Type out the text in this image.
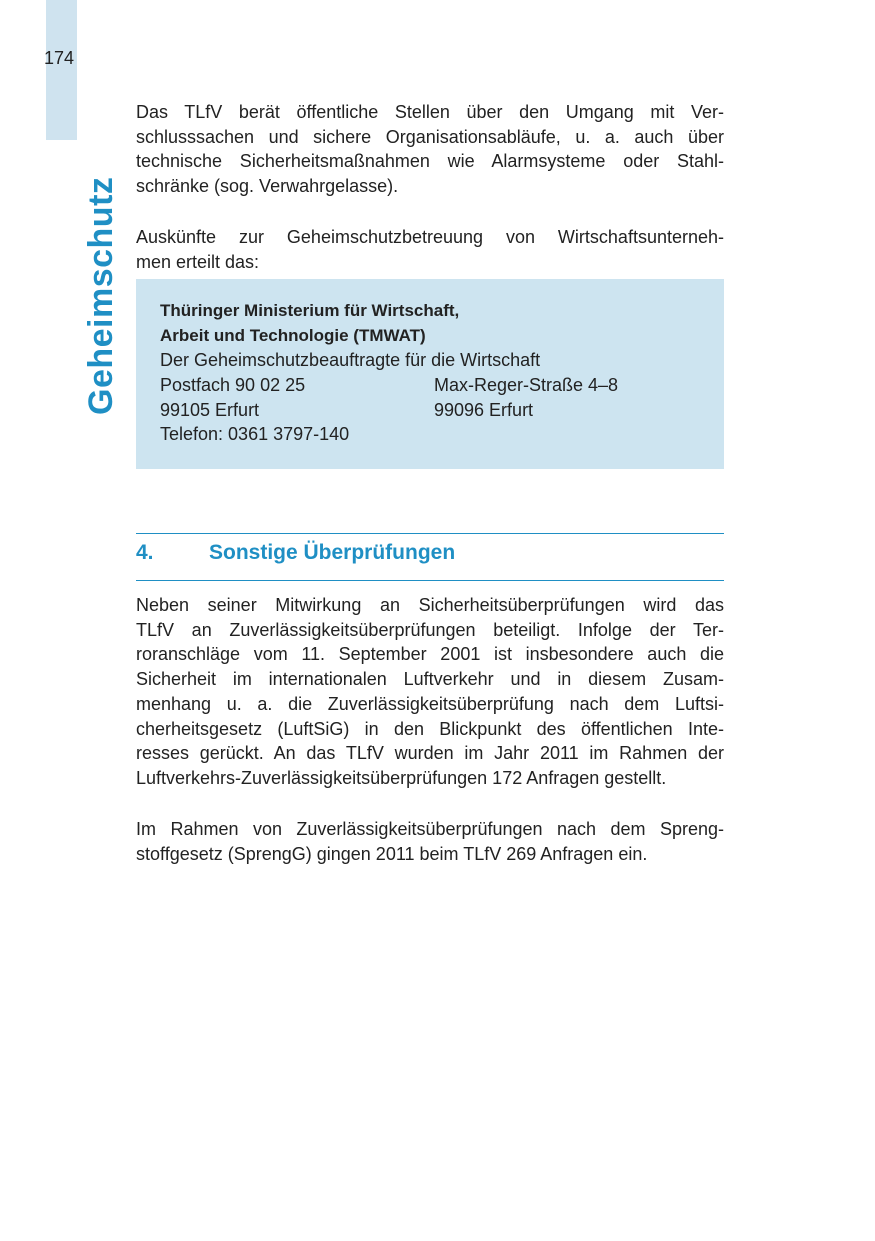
174
Geheimschutz
Das TLfV berät öffentliche Stellen über den Umgang mit Ver-
schlusssachen und sichere Organisationsabläufe, u. a. auch über
technische Sicherheitsmaßnahmen wie Alarmsysteme oder Stahl-
schränke (sog. Verwahrgelasse).
Auskünfte zur Geheimschutzbetreuung von Wirtschaftsunterneh-
men erteilt das:
Thüringer Ministerium für Wirtschaft,
Arbeit und Technologie (TMWAT)
Der Geheimschutzbeauftragte für die Wirtschaft
Postfach 90 02 25	Max-Reger-Straße 4–8
99105 Erfurt	99096 Erfurt
Telefon: 0361 3797-140
4.	Sonstige Überprüfungen
Neben seiner Mitwirkung an Sicherheitsüberprüfungen wird das
TLfV an Zuverlässigkeitsüberprüfungen beteiligt. Infolge der Ter-
roranschläge vom 11. September 2001 ist insbesondere auch die
Sicherheit im internationalen Luftverkehr und in diesem Zusam-
menhang u. a. die Zuverlässigkeitsüberprüfung nach dem Luftsi-
cherheitsgesetz (LuftSiG) in den Blickpunkt des öffentlichen Inte-
resses gerückt. An das TLfV wurden im Jahr 2011 im Rahmen der
Luftverkehrs-Zuverlässigkeitsüberprüfungen 172 Anfragen gestellt.
Im Rahmen von Zuverlässigkeitsüberprüfungen nach dem Spreng-
stoffgesetz (SprengG) gingen 2011 beim TLfV 269 Anfragen ein.
